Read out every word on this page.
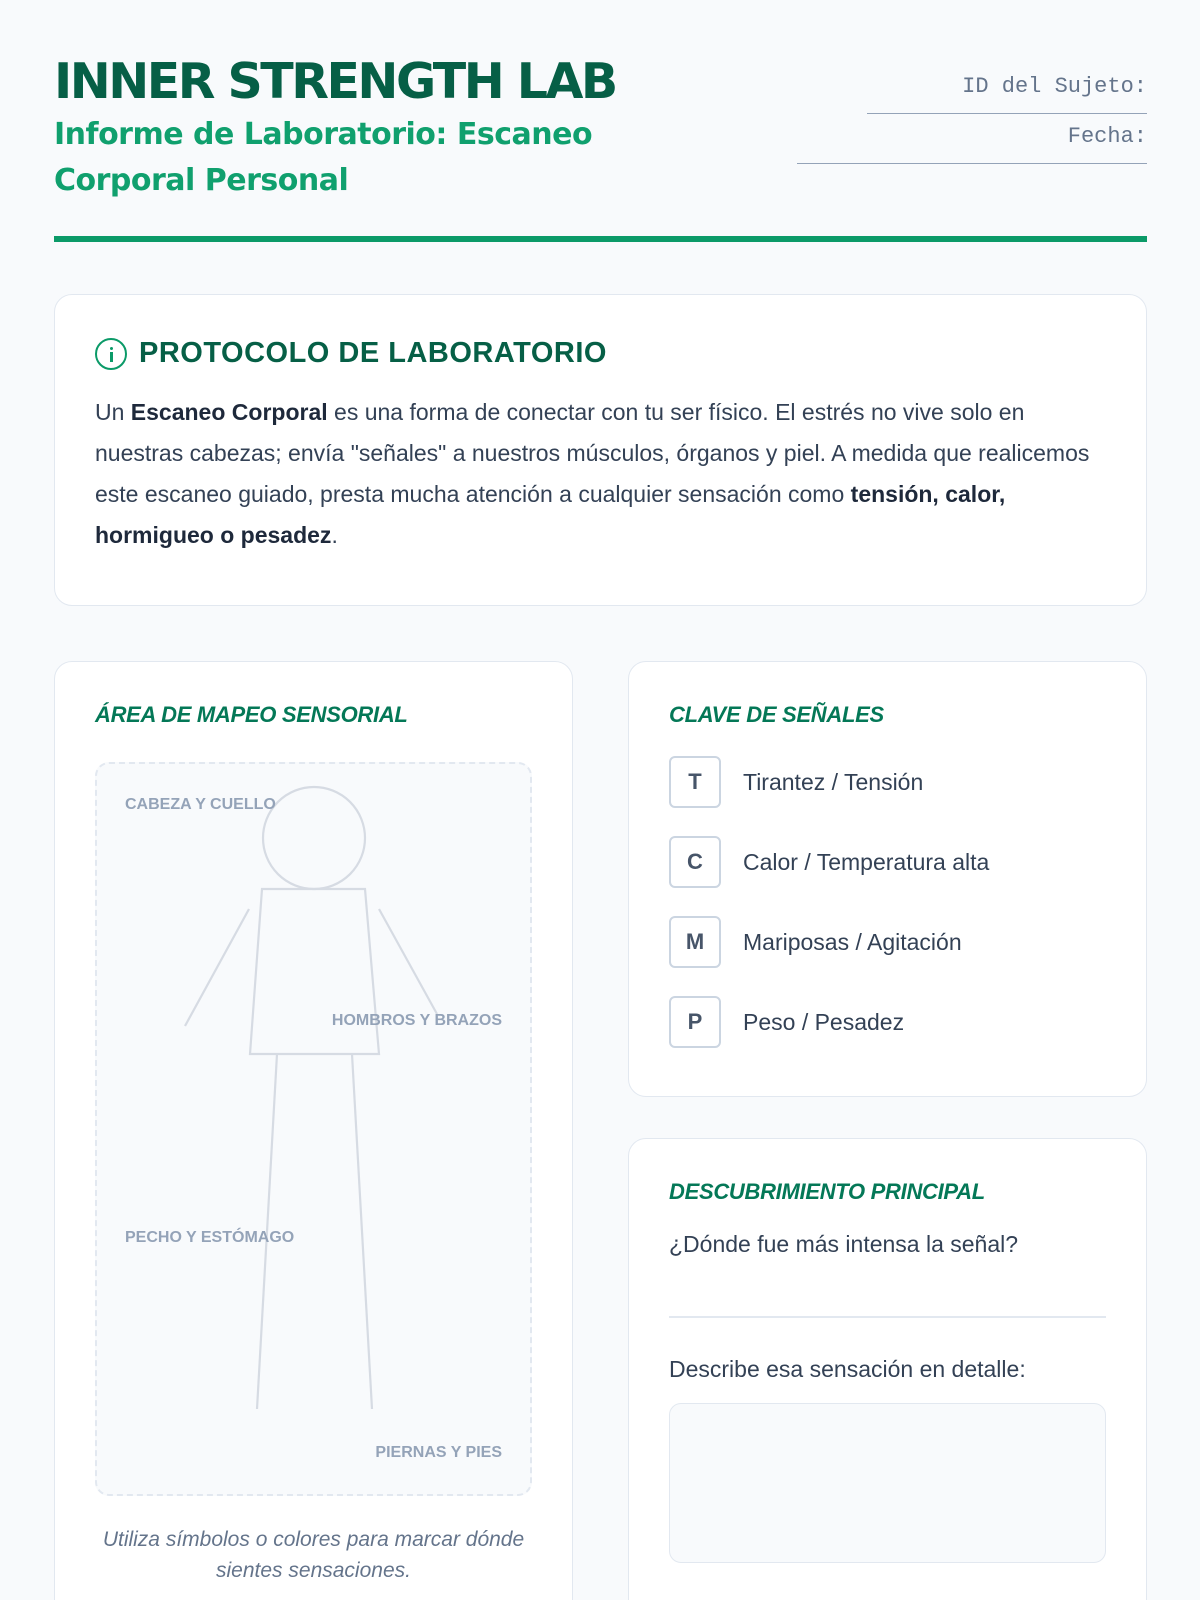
INNER STRENGTH LAB
Informe de Laboratorio: Escaneo Corporal Personal
ID del Sujeto:
Fecha:
PROTOCOLO DE LABORATORIO

Un Escaneo Corporal es una forma de conectar con tu ser físico. El estrés no vive solo en nuestras cabezas; envía "señales" a nuestros músculos, órganos y piel. A medida que realicemos este escaneo guiado, presta mucha atención a cualquier sensación como tensión, calor, hormigueo o pesadez.

ÁREA DE MAPEO SENSORIAL
CABEZA Y CUELLO
HOMBROS Y BRAZOS
PECHO Y ESTÓMAGO
PIERNAS Y PIES
Utiliza símbolos o colores para marcar dónde sientes sensaciones.
CLAVE DE SEÑALES
T	Tirantez / Tensión
C	Calor / Temperatura alta
M	Mariposas / Agitación
P	Peso / Pesadez
DESCUBRIMIENTO PRINCIPAL
¿Dónde fue más intensa la señal?
Describe esa sensación en detalle:
